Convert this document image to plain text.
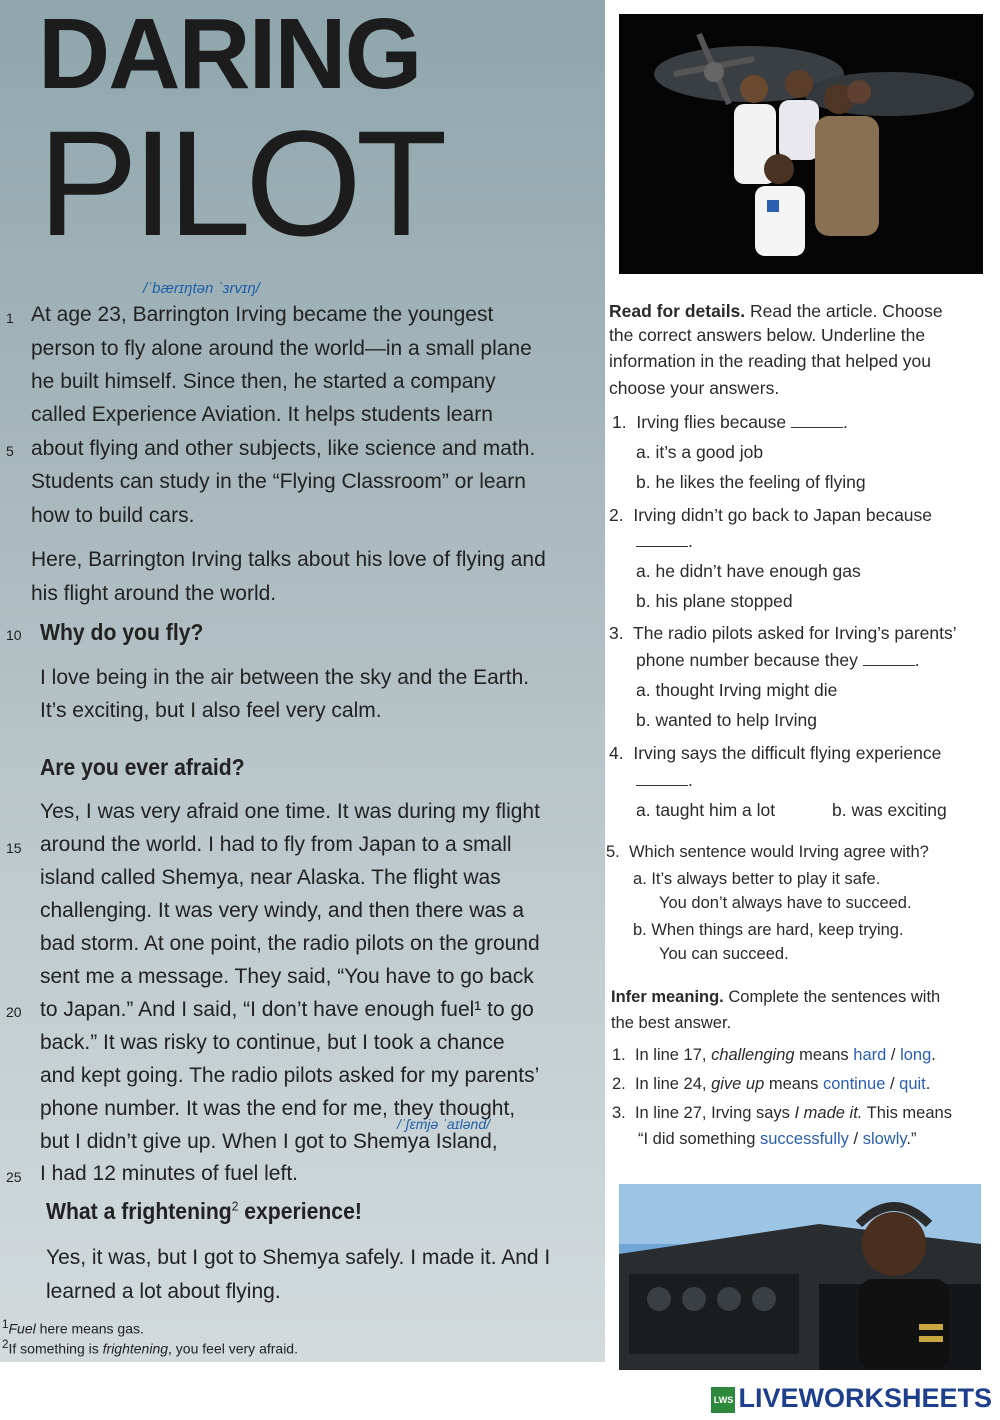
DARING
PILOT
/ˈbærɪŋtən ˈɜrvɪŋ/
1 At age 23, Barrington Irving became the youngest
person to fly alone around the world—in a small plane
he built himself. Since then, he started a company
called Experience Aviation. It helps students learn
5 about flying and other subjects, like science and math.
Students can study in the “Flying Classroom” or learn
how to build cars.
Here, Barrington Irving talks about his love of flying and
his flight around the world.
10 Why do you fly?
I love being in the air between the sky and the Earth.
It’s exciting, but I also feel very calm.
Are you ever afraid?
Yes, I was very afraid one time. It was during my flight
15 around the world. I had to fly from Japan to a small
island called Shemya, near Alaska. The flight was
challenging. It was very windy, and then there was a
bad storm. At one point, the radio pilots on the ground
sent me a message. They said, “You have to go back
20 to Japan.” And I said, “I don’t have enough fuel¹ to go
back.” It was risky to continue, but I took a chance
and kept going. The radio pilots asked for my parents’
phone number. It was the end for me, they thought,
/ˈʃɛmjə ˈaɪlənd/
but I didn’t give up. When I got to Shemya Island,
25 I had 12 minutes of fuel left.
What a frightening$^2$ experience!
Yes, it was, but I got to Shemya safely. I made it. And I
learned a lot about flying.
$^1$Fuel here means gas.
$^2$If something is frightening, you feel very afraid.
Read for details. Read the article. Choose
the correct answers below. Underline the
information in the reading that helped you
choose your answers.
1. Irving flies because	.
a. it’s a good job
b. he likes the feeling of flying
2. Irving didn’t go back to Japan because
.
a. he didn’t have enough gas
b. his plane stopped
3. The radio pilots asked for Irving’s parents’
phone number because they	.
a. thought Irving might die
b. wanted to help Irving
4. Irving says the difficult flying experience
.
a. taught him a lot	b. was exciting
5. Which sentence would Irving agree with?
a. It’s always better to play it safe.
You don’t always have to succeed.
b. When things are hard, keep trying.
You can succeed.
Infer meaning. Complete the sentences with
the best answer.
1. In line 17, challenging means hard / long.
2. In line 24, give up means continue / quit.
3. In line 27, Irving says I made it. This means
“I did something successfully / slowly.”
LWS LIVEWORKSHEETS
